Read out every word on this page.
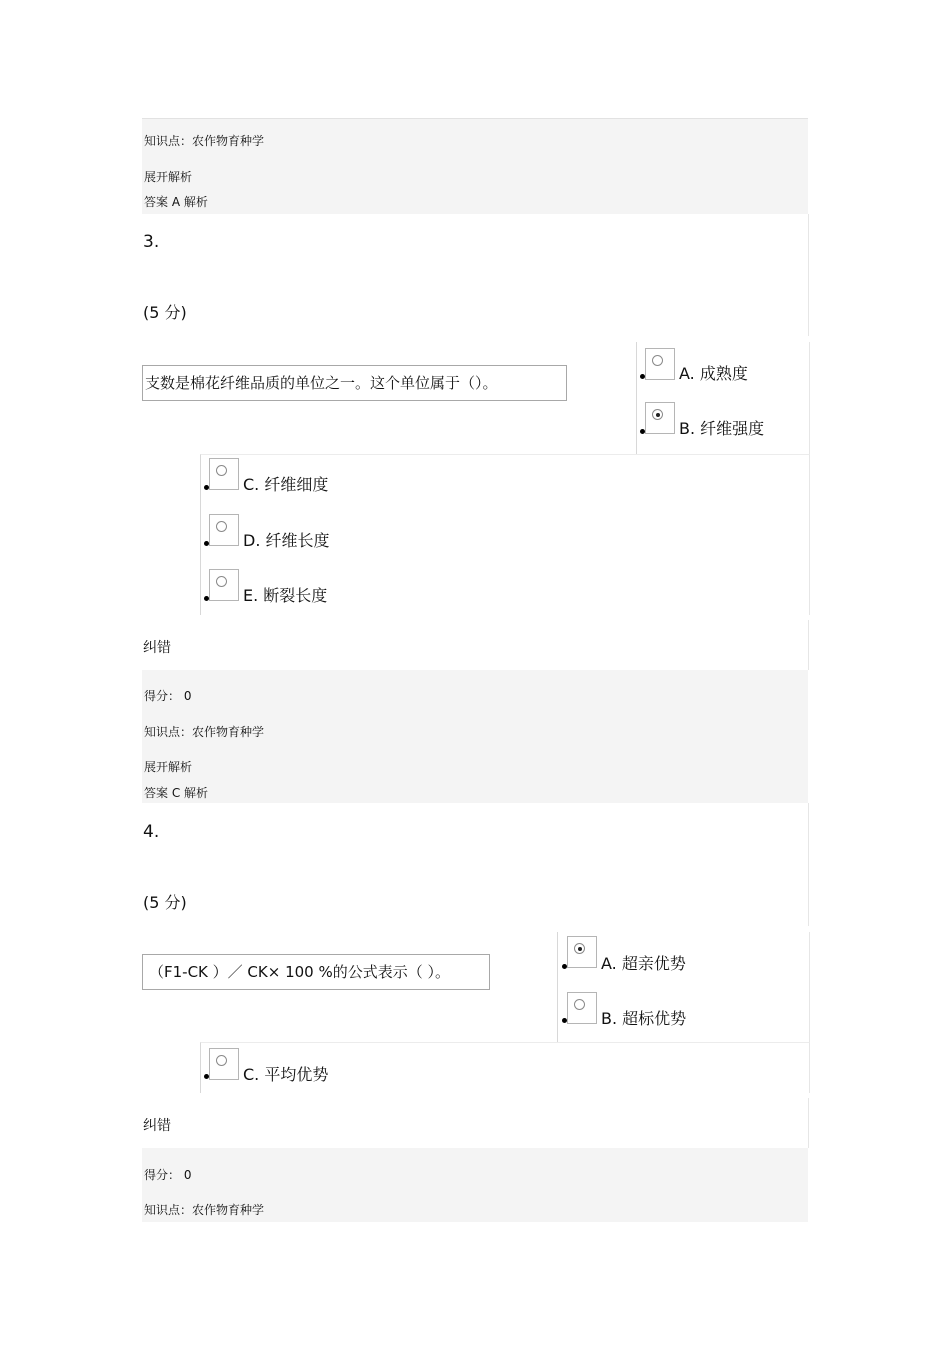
知识点：农作物育种学
展开解析
答案 A 解析
3.
(5 分)
支数是棉花纤维品质的单位之一。这个单位属于（）。	A. 成熟度
B. 纤维强度
C. 纤维细度
D. 纤维长度
E. 断裂长度
纠错
得分： 0
知识点：农作物育种学
展开解析
答案 C 解析
4.
(5 分)
（F1-CK ）／ CK× 100 %的公式表示（ ）。	A. 超亲优势
B. 超标优势
C. 平均优势
纠错
得分： 0
知识点：农作物育种学
